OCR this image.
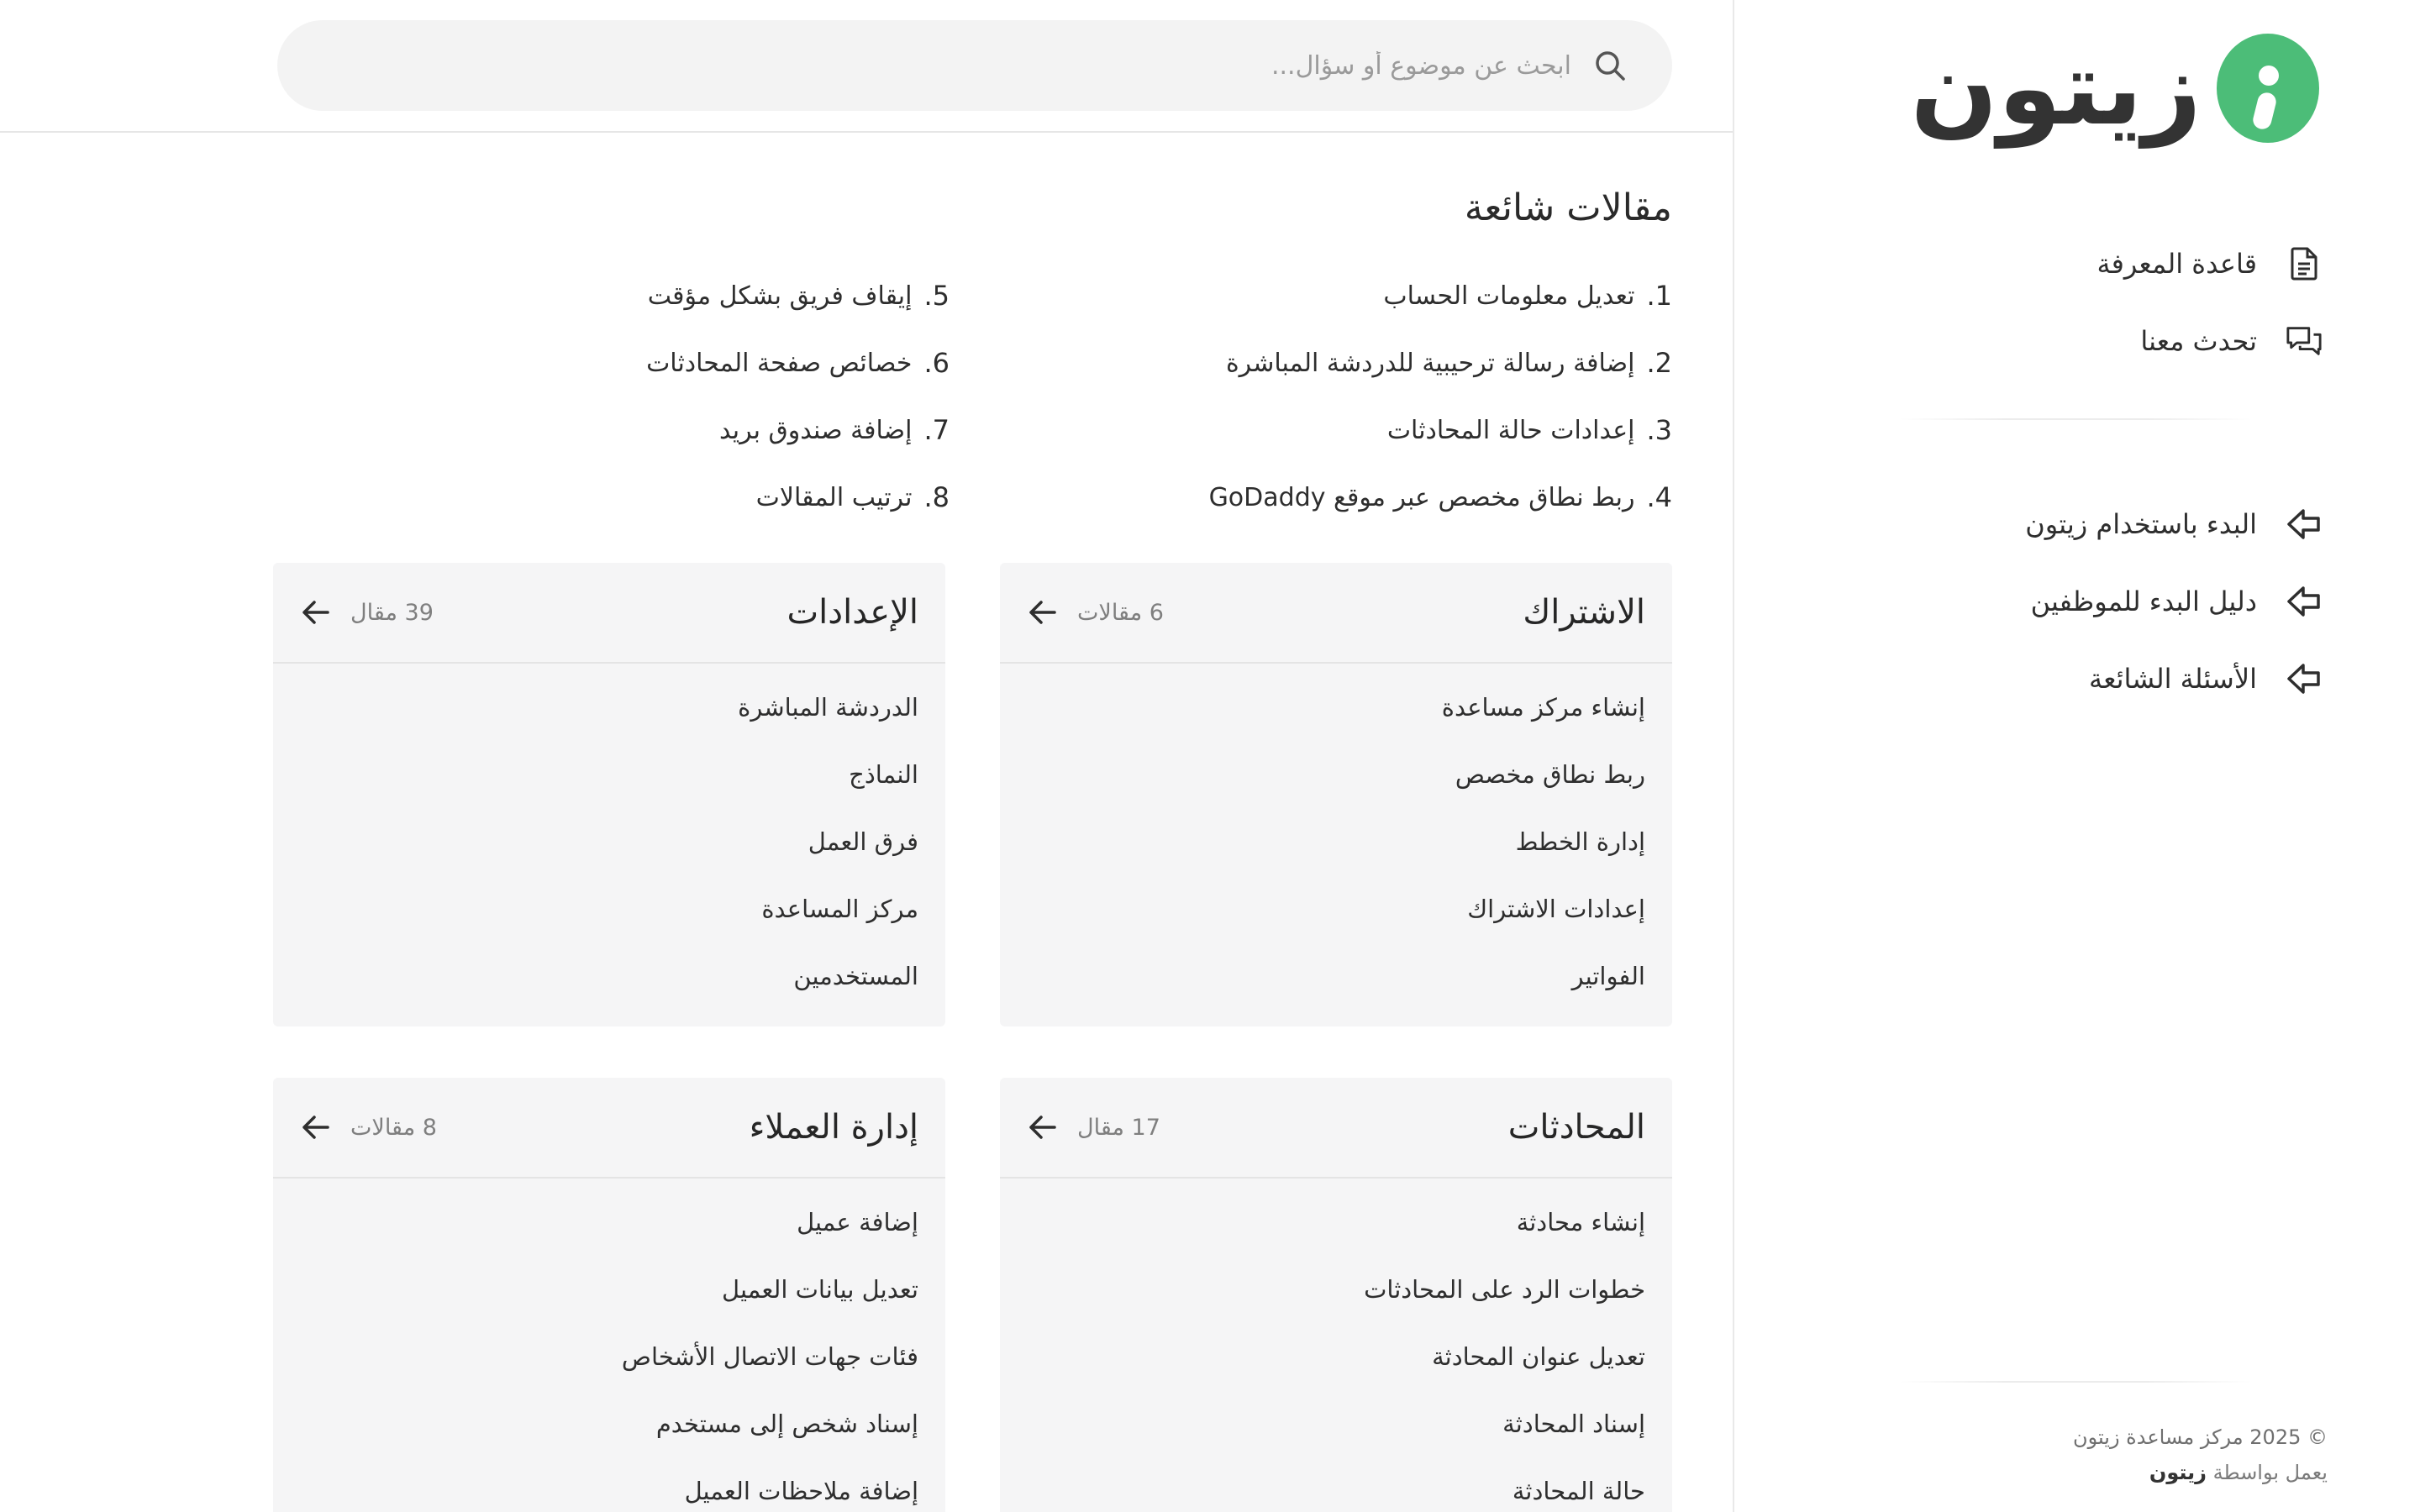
زيتون
قاعدة المعرفة
تحدث معنا
البدء باستخدام زيتون
دليل البدء للموظفين
الأسئلة الشائعة
© 2025 مركز مساعدة زيتون
يعمل بواسطة زيتون
ابحث عن موضوع أو سؤال...
مقالات شائعة
1.
تعديل معلومات الحساب
2.
إضافة رسالة ترحيبية للدردشة المباشرة
3.
إعدادات حالة المحادثات
4.
ربط نطاق مخصص عبر موقع GoDaddy
5.
إيقاف فريق بشكل مؤقت
6.
خصائص صفحة المحادثات
7.
إضافة صندوق بريد
8.
ترتيب المقالات
الاشتراك
6 مقالات
إنشاء مركز مساعدة
ربط نطاق مخصص
إدارة الخطط
إعدادات الاشتراك
الفواتير
الإعدادات
39 مقال
الدردشة المباشرة
النماذج
فرق العمل
مركز المساعدة
المستخدمين
المحادثات
17 مقال
إنشاء محادثة
خطوات الرد على المحادثات
تعديل عنوان المحادثة
إسناد المحادثة
حالة المحادثة
إدارة العملاء
8 مقالات
إضافة عميل
تعديل بيانات العميل
فئات جهات الاتصال الأشخاص
إسناد شخص إلى مستخدم
إضافة ملاحظات العميل
